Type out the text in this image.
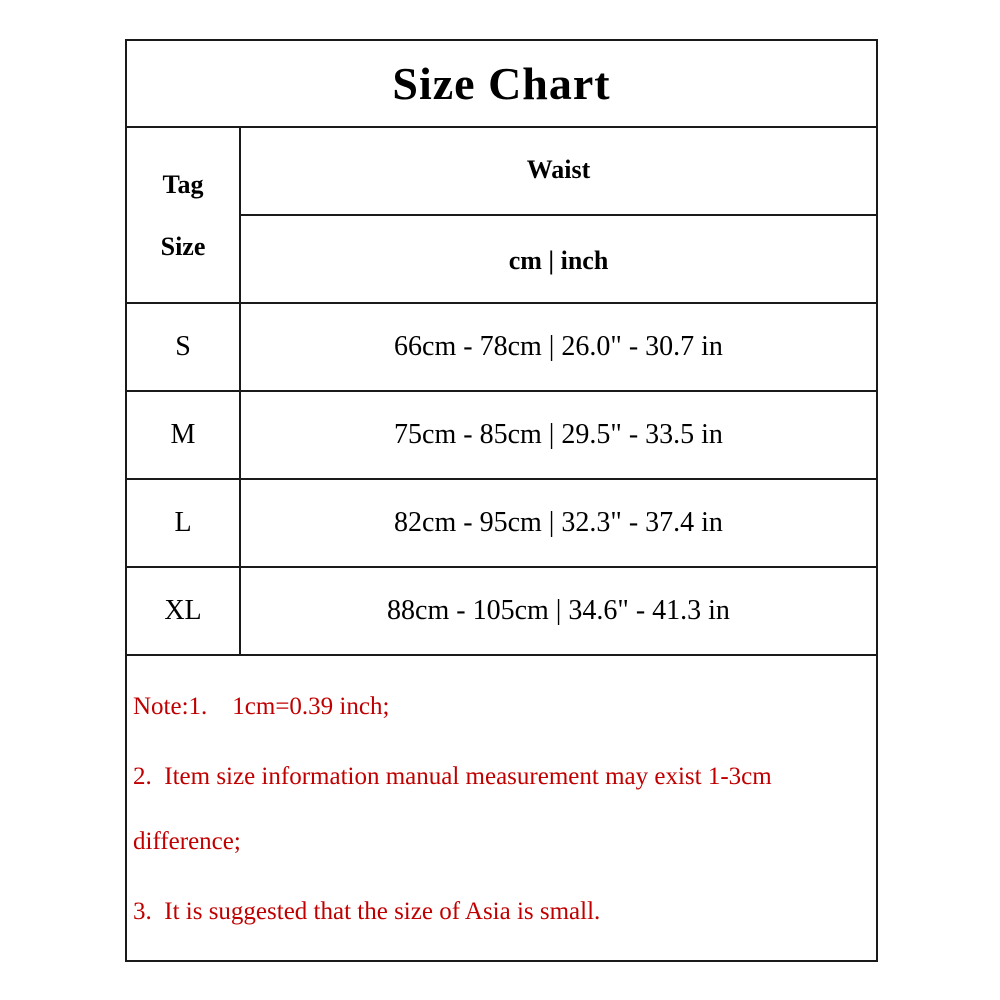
Size Chart
Tag
Size
Waist
cm | inch
S	66cm - 78cm | 26.0" - 30.7 in
M	75cm - 85cm | 29.5" - 33.5 in
L	82cm - 95cm | 32.3" - 37.4 in
XL	88cm - 105cm | 34.6" - 41.3 in
Note:1.    1cm=0.39 inch;
2.  Item size information manual measurement may exist 1-3cm
difference;
3.  It is suggested that the size of Asia is small.
